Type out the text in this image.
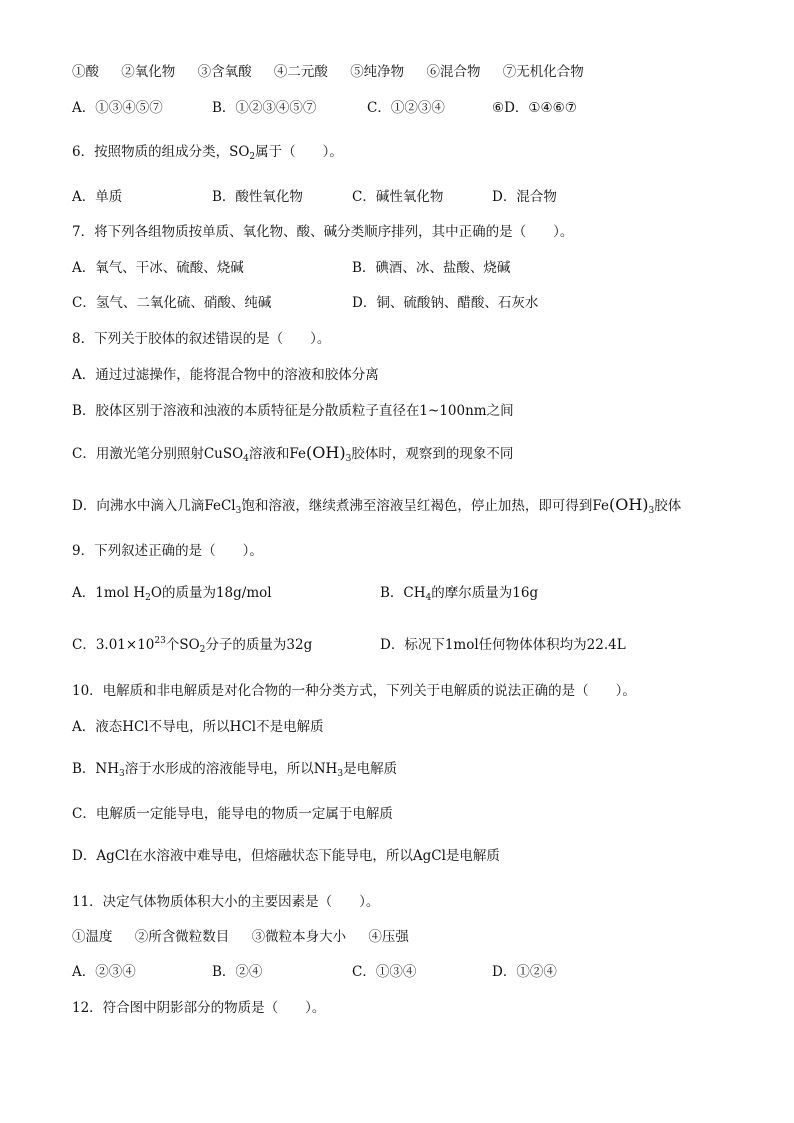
①酸 ②氧化物 ③含氧酸 ④二元酸 ⑤纯净物 ⑥混合物 ⑦无机化合物
A．①③④⑤⑦	B．①②③④⑤⑦	C．①②③④	⑥D．①④⑥⑦
6．按照物质的组成分类，$SO_2$属于（　　）。
A．单质	B．酸性氧化物	C．碱性氧化物	D．混合物
7．将下列各组物质按单质、氧化物、酸、碱分类顺序排列，其中正确的是（　　）。
A．氧气、干冰、硫酸、烧碱	B．碘酒、冰、盐酸、烧碱
C．氢气、二氧化硫、硝酸、纯碱	D．铜、硫酸钠、醋酸、石灰水
8．下列关于胶体的叙述错误的是（　　）。
A．通过过滤操作，能将混合物中的溶液和胶体分离
B．胶体区别于溶液和浊液的本质特征是分散质粒子直径在1~100nm之间
C．用激光笔分别照射CuSO$_4$溶液和$Fe(OH)_3$胶体时，观察到的现象不同
D．向沸水中滴入几滴FeCl$_3$饱和溶液，继续煮沸至溶液呈红褐色，停止加热，即可得到$Fe(OH)_3$胶体
9．下列叙述正确的是（　　）。
A．1mol $H_2O$的质量为18g/mol	B．$CH_4$的摩尔质量为16g
C．$3.01\times 10^{23}$个$SO_2$分子的质量为32g	D．标况下1mol任何物体体积均为22.4L
10．电解质和非电解质是对化合物的一种分类方式，下列关于电解质的说法正确的是（　　）。
A．液态HCl不导电，所以HCl不是电解质
B．$NH_3$溶于水形成的溶液能导电，所以$NH_3$是电解质
C．电解质一定能导电，能导电的物质一定属于电解质
D．AgCl在水溶液中难导电，但熔融状态下能导电，所以AgCl是电解质
11．决定气体物质体积大小的主要因素是（　　）。
①温度 ②所含微粒数目 ③微粒本身大小 ④压强
A．②③④	B．②④	C．①③④	D．①②④
12．符合图中阴影部分的物质是（　　）。
